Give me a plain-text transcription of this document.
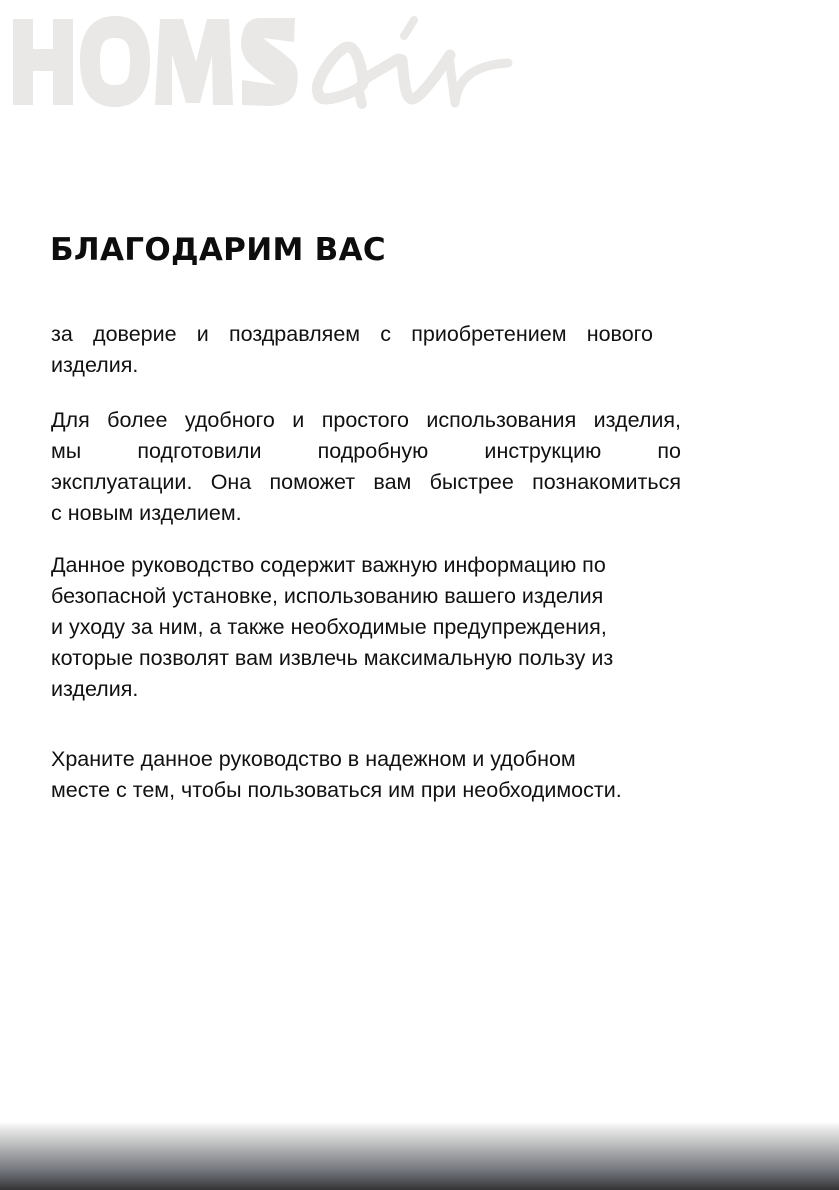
БЛАГОДАРИМ ВАС
за доверие и поздравляем с приобретением нового
изделия.
Для более удобного и простого использования изделия,
мы подготовили подробную инструкцию по
эксплуатации. Она поможет вам быстрее познакомиться
с новым изделием.
Данное руководство содержит важную информацию по
безопасной установке, использованию вашего изделия
и уходу за ним, а также необходимые предупреждения,
которые позволят вам извлечь максимальную пользу из
изделия.
Храните данное руководство в надежном и удобном
месте с тем, чтобы пользоваться им при необходимости.
